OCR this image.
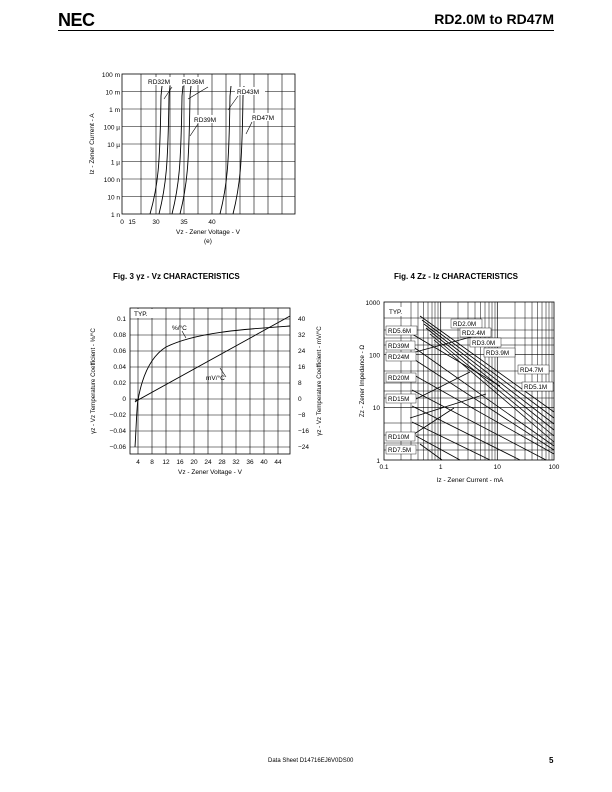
NEC	RD2.0M to RD47M
100 m
10 m
1 m
100 µ
10 µ
1 µ
100 n
10 n
1 n
0 15	30	35	40
Vz - Zener Voltage - V
(e)
RD32M RD36M
RD43M
RD39M	RD47M
Iz - Zener Current - A
Fig. 3 γz - Vz CHARACTERISTICS
TYP.
%/°C
mV/°C
0.1
0.08
0.06
0.04
0.02
0
−0.02
−0.04
−0.06
40
32
24
16
8
0
−8
−16
−24
4 8 12 16 20 24 28 32 36 40 44
Vz - Zener Voltage - V
γz - Vz Temperature Coefficient - %/°C	γz - Vz Temperature Coefficient - mV/°C
Fig. 4 Zz - Iz CHARACTERISTICS
TYP.
RD5.6M
RD39M
RD24M
RD20M
RD15M
RD10M
RD7.5M
RD2.0M
RD2.4M
RD3.0M
RD3.9M
RD4.7M
RD5.1M
1000
100
10
1
0.1	1	10	100
Iz - Zener Current - mA
Zz - Zener Impedance - Ω
Data Sheet D14716EJ6V0DS00	5
